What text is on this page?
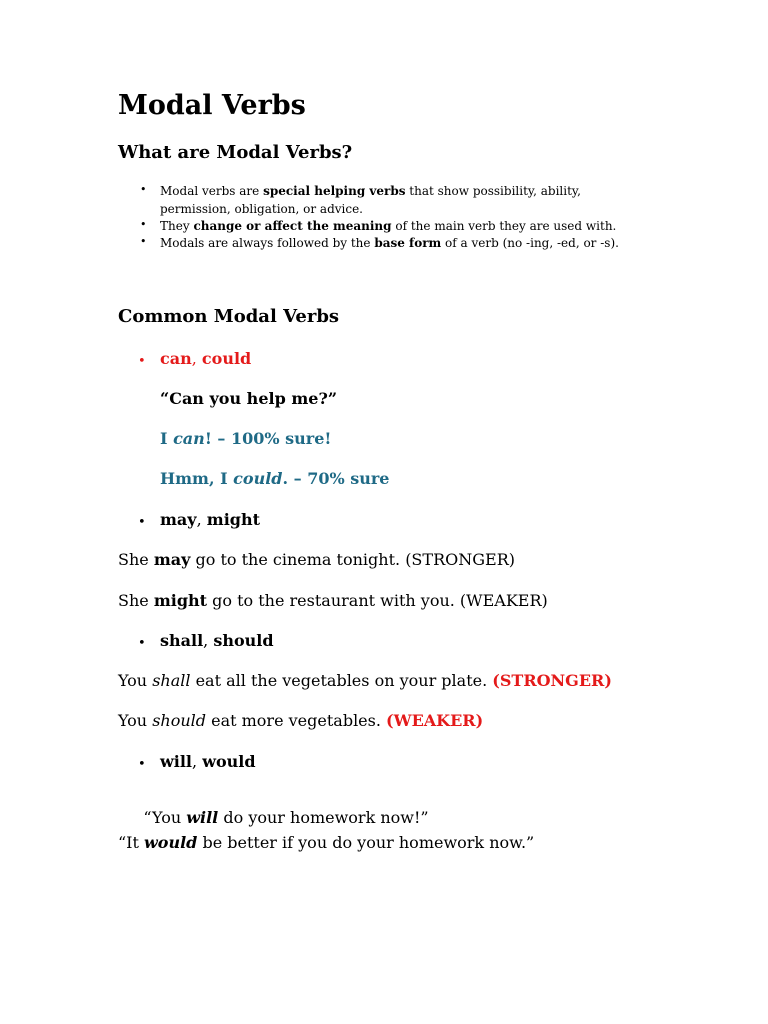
Modal Verbs
What are Modal Verbs?
• Modal verbs are special helping verbs that show possibility, ability,
permission, obligation, or advice.
• They change or affect the meaning of the main verb they are used with.
• Modals are always followed by the base form of a verb (no -ing, -ed, or -s).
Common Modal Verbs
• can, could
“Can you help me?”
I can! – 100% sure!
Hmm, I could. – 70% sure
• may, might
She may go to the cinema tonight. (STRONGER)
She might go to the restaurant with you. (WEAKER)
• shall, should
You shall eat all the vegetables on your plate. (STRONGER)
You should eat more vegetables. (WEAKER)
• will, would

“You will do your homework now!”

“It would be better if you do your homework now.”
